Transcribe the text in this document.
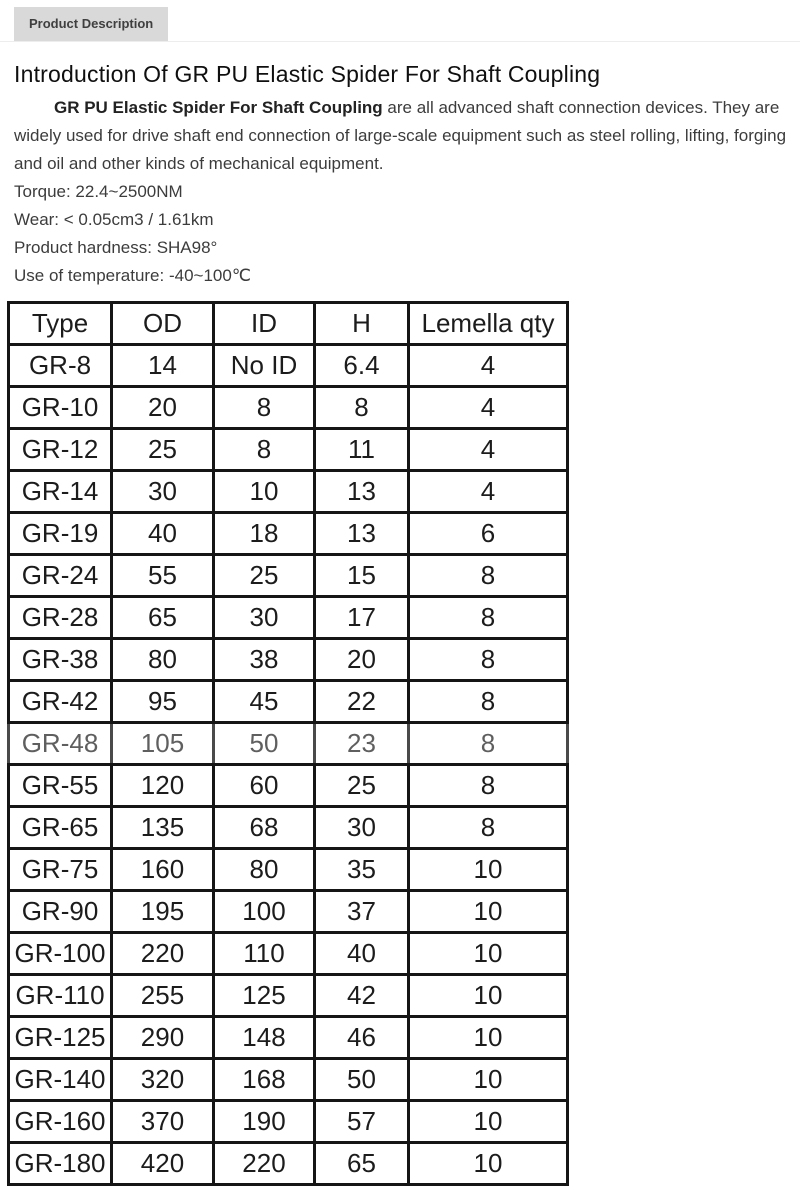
Product Description
Introduction Of GR PU Elastic Spider For Shaft Coupling

GR PU Elastic Spider For Shaft Coupling are all advanced shaft connection devices. They are widely used for drive shaft end connection of large-scale equipment such as steel rolling, lifting, forging and oil and other kinds of mechanical equipment.

Torque: 22.4~2500NM
Wear: < 0.05cm3 / 1.61km
Product hardness: SHA98°
Use of temperature: -40~100℃
Type	OD	ID	H	Lemella qty
GR-8	14	No ID	6.4	4
GR-10	20	8	8	4
GR-12	25	8	11	4
GR-14	30	10	13	4
GR-19	40	18	13	6
GR-24	55	25	15	8
GR-28	65	30	17	8
GR-38	80	38	20	8
GR-42	95	45	22	8
GR-48	105	50	23	8
GR-55	120	60	25	8
GR-65	135	68	30	8
GR-75	160	80	35	10
GR-90	195	100	37	10
GR-100	220	110	40	10
GR-110	255	125	42	10
GR-125	290	148	46	10
GR-140	320	168	50	10
GR-160	370	190	57	10
GR-180	420	220	65	10
